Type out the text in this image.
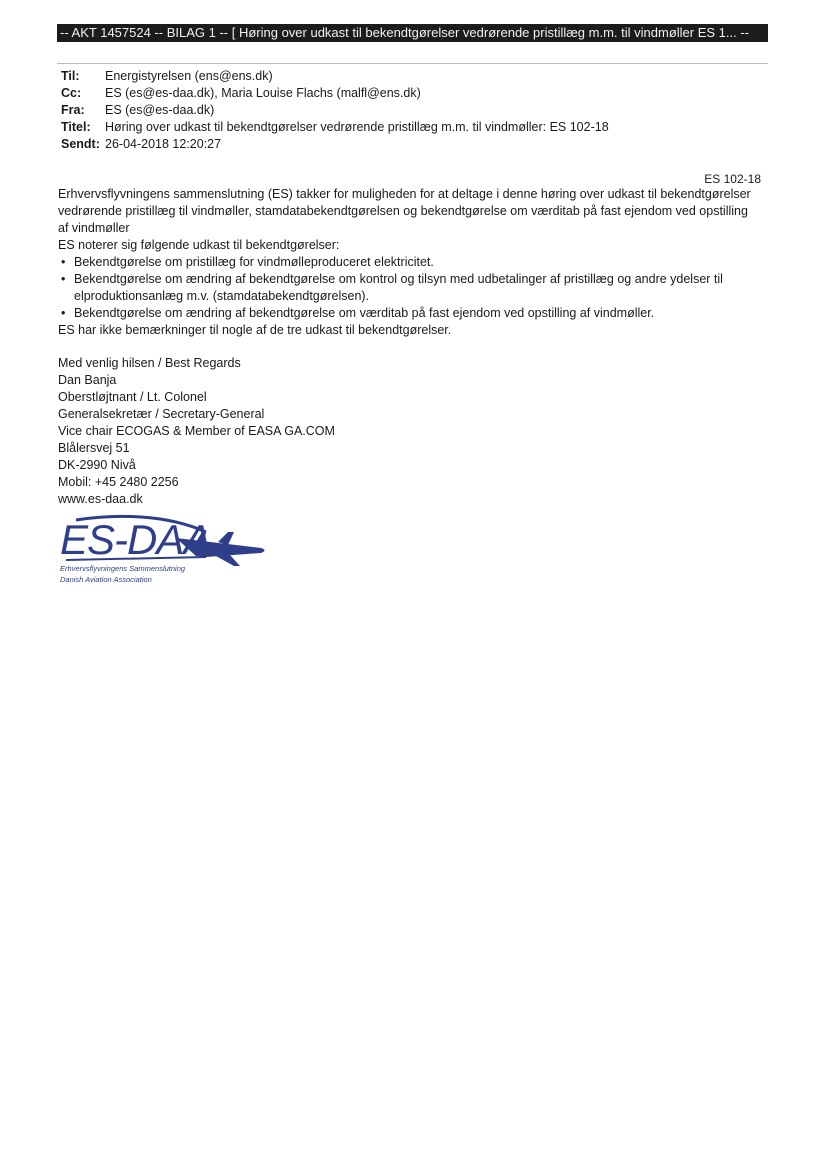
-- AKT 1457524 -- BILAG 1 -- [ Høring over udkast til bekendtgørelser vedrørende pristillæg m.m. til vindmøller ES 1... --
Til:	Energistyrelsen (ens@ens.dk)
Cc:	ES (es@es-daa.dk), Maria Louise Flachs (malfl@ens.dk)
Fra:	ES (es@es-daa.dk)
Titel:	Høring over udkast til bekendtgørelser vedrørende pristillæg m.m. til vindmøller: ES 102-18
Sendt: 26-04-2018 12:20:27
ES 102-18

Erhvervsflyvningens sammenslutning (ES) takker for muligheden for at deltage i denne høring over udkast til bekendtgørelser vedrørende pristillæg til vindmøller, stamdatabekendtgørelsen og bekendtgørelse om værditab på fast ejendom ved opstilling af vindmøller

ES noterer sig følgende udkast til bekendtgørelser:

• Bekendtgørelse om pristillæg for vindmølleproduceret elektricitet.
• Bekendtgørelse om ændring af bekendtgørelse om kontrol og tilsyn med udbetalinger af pristillæg og andre ydelser til elproduktionsanlæg m.v. (stamdatabekendtgørelsen).
• Bekendtgørelse om ændring af bekendtgørelse om værditab på fast ejendom ved opstilling af vindmøller.

ES har ikke bemærkninger til nogle af de tre udkast til bekendtgørelser.

Med venlig hilsen / Best Regards
Dan Banja
Oberstløjtnant / Lt. Colonel
Generalsekretær / Secretary-General
Vice chair ECOGAS & Member of EASA GA.COM
Blålersvej 51
DK-2990 Nivå
Mobil: +45 2480 2256
www.es-daa.dk
ES-DAA
Erhvervsflyvningens Sammenslutning
Danish Aviation Association
